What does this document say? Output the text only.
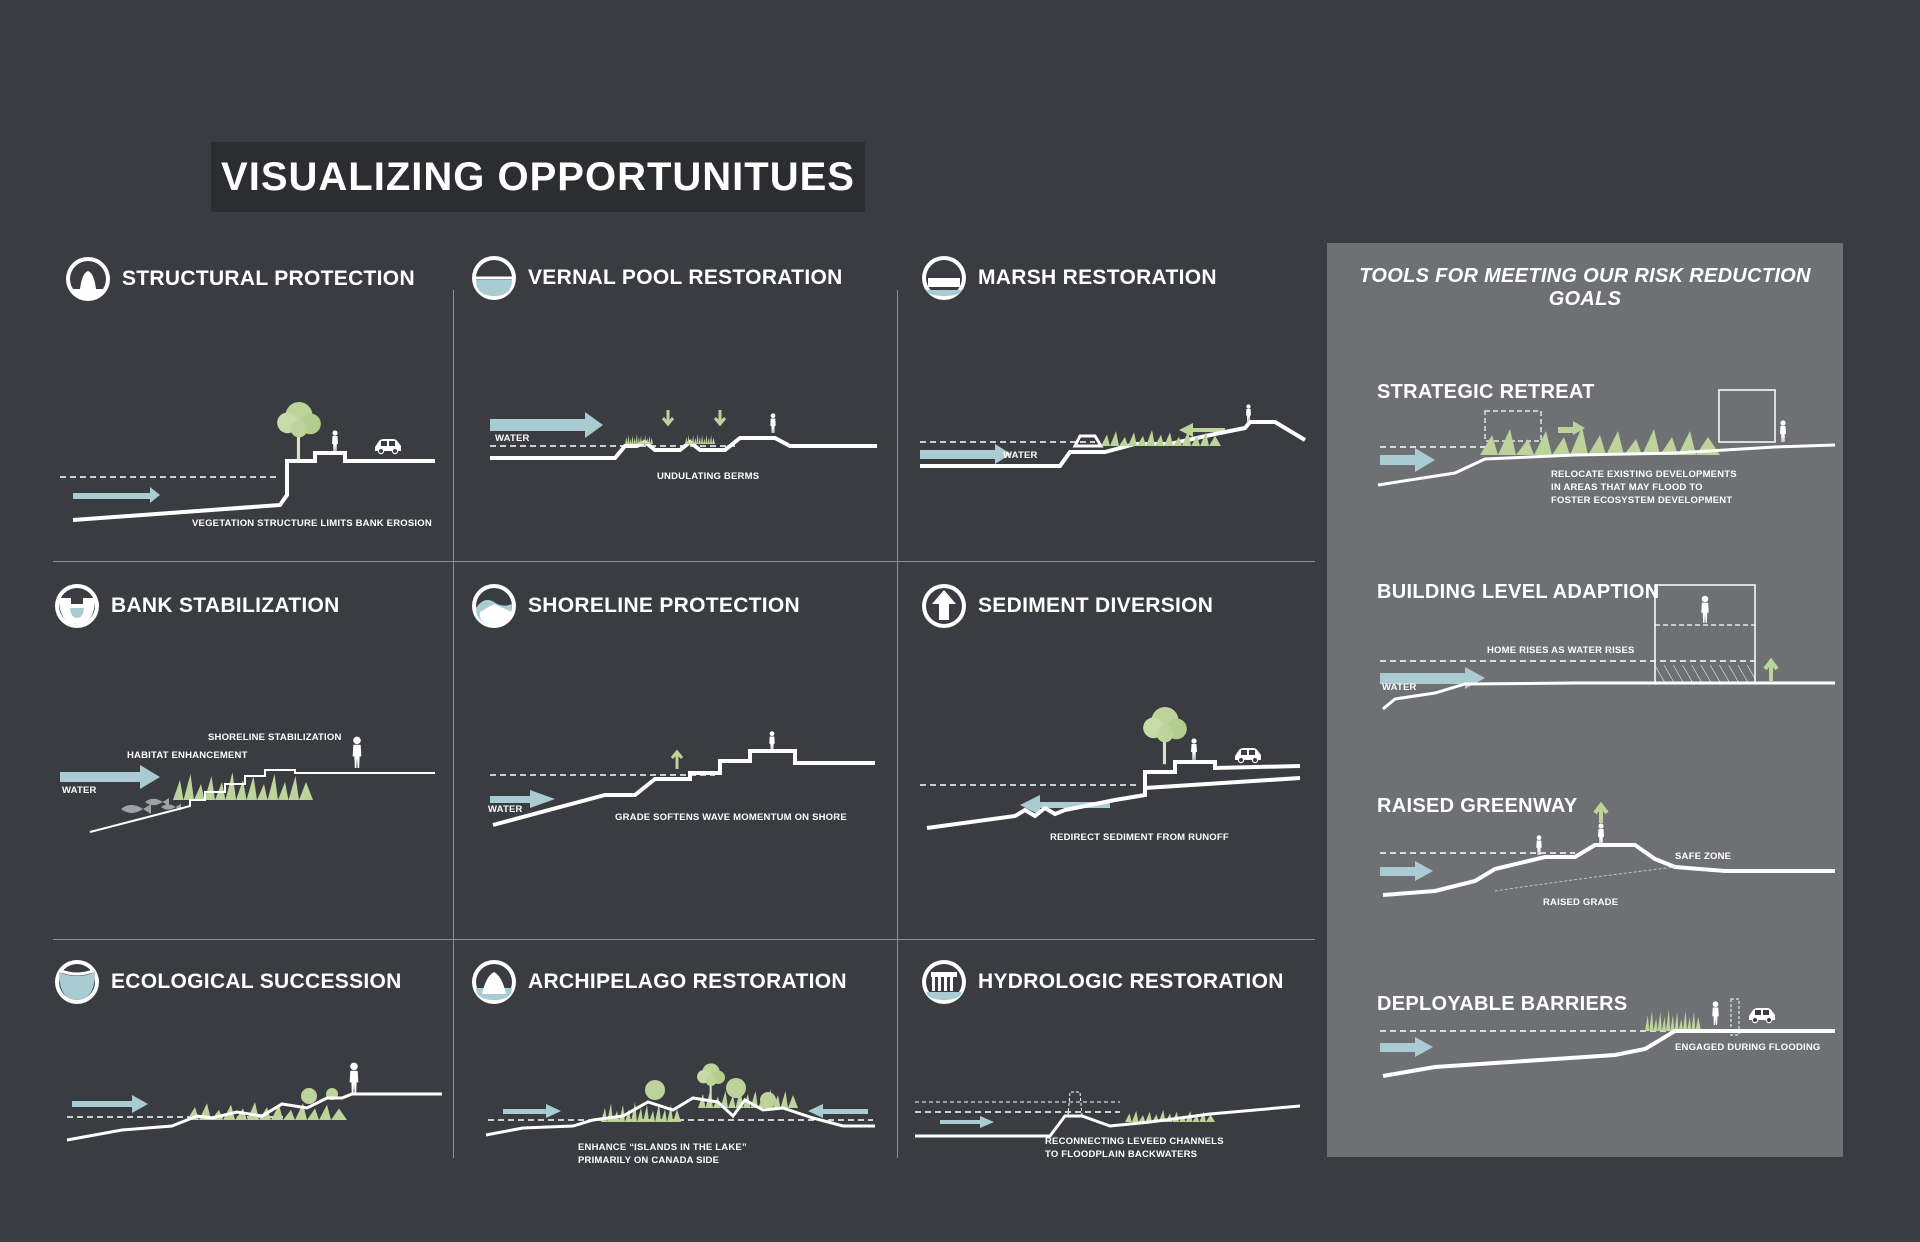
VISUALIZING OPPORTUNITUES
STRUCTURAL PROTECTION
VEGETATION STRUCTURE LIMITS BANK EROSION
VERNAL POOL RESTORATION
WATER
UNDULATING BERMS
MARSH RESTORATION
WATER
BANK STABILIZATION
SHORELINE STABILIZATION
HABITAT ENHANCEMENT
WATER
SHORELINE PROTECTION
WATER
GRADE SOFTENS WAVE MOMENTUM ON SHORE
SEDIMENT DIVERSION
REDIRECT SEDIMENT FROM RUNOFF
ECOLOGICAL SUCCESSION	ARCHIPELAGO RESTORATION
ENHANCE “ISLANDS IN THE LAKE”
PRIMARILY ON CANADA SIDE
HYDROLOGIC RESTORATION
RECONNECTING LEVEED CHANNELS
TO FLOODPLAIN BACKWATERS
TOOLS FOR MEETING OUR RISK REDUCTION GOALS
STRATEGIC RETREAT
RELOCATE EXISTING DEVELOPMENTS
IN AREAS THAT MAY FLOOD TO
FOSTER ECOSYSTEM DEVELOPMENT
BUILDING LEVEL ADAPTION
HOME RISES AS WATER RISES
WATER
RAISED GREENWAY
SAFE ZONE
RAISED GRADE
DEPLOYABLE BARRIERS
ENGAGED DURING FLOODING
